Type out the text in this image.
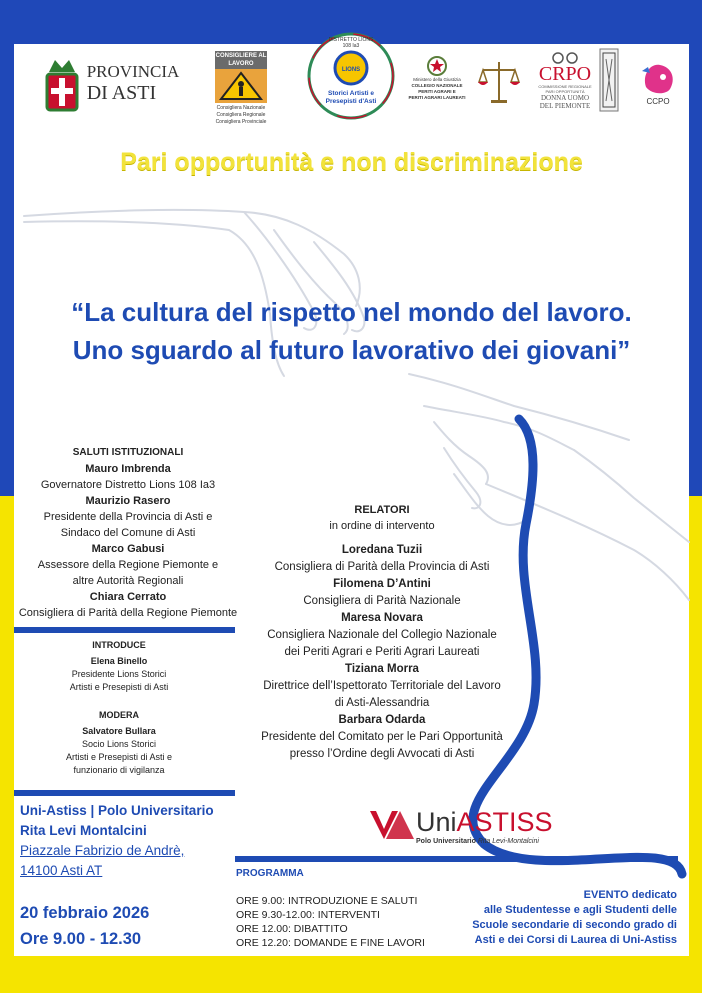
PROVINCIA
DI ASTI
CONSIGLIERE AL LAVORO
Consigliera Nazionale
Consigliera Regionale
Consigliera Provinciale
LIONS
Storici Artisti e
Presepisti d'Asti
DISTRETTO LIONS 108 Ia3
Ministero della Giustizia
COLLEGIO NAZIONALE
PERITI AGRARI E
PERITI AGRARI LAUREATI
CRPO
COMMISSIONE REGIONALE
PARI OPPORTUNITÀ
DONNA UOMO
DEL PIEMONTE
CCPO
Pari opportunità e non discriminazione
“La cultura del rispetto nel mondo del lavoro.
Uno sguardo al futuro lavorativo dei giovani”
SALUTI ISTITUZIONALI
Mauro Imbrenda
Governatore Distretto Lions 108 Ia3
Maurizio Rasero
Presidente della Provincia di Asti e
Sindaco del Comune di Asti
Marco Gabusi
Assessore della Regione Piemonte e
altre Autorità Regionali
Chiara Cerrato
Consigliera di Parità della Regione Piemonte
INTRODUCE
Elena Binello
Presidente Lions Storici
Artisti e Presepisti di Asti
MODERA
Salvatore Bullara
Socio Lions Storici
Artisti e Presepisti di Asti e
funzionario di vigilanza
RELATORI
in ordine di intervento
Loredana Tuzii
Consigliera di Parità della Provincia di Asti
Filomena D’Antini
Consigliera di Parità Nazionale
Maresa Novara
Consigliera Nazionale del Collegio Nazionale
dei Periti Agrari e Periti Agrari Laureati
Tiziana Morra
Direttrice dell’Ispettorato Territoriale del Lavoro
di Asti-Alessandria
Barbara Odarda
Presidente del Comitato per le Pari Opportunità
presso l’Ordine degli Avvocati di Asti
Uni-Astiss | Polo Universitario
Rita Levi Montalcini
Piazzale Fabrizio de Andrè,
14100 Asti AT
20 febbraio 2026
Ore 9.00 - 12.30
UniASTISS
Polo Universitario Rita Levi-Montalcini
PROGRAMMA
ORE 9.00: INTRODUZIONE E SALUTI
ORE 9.30-12.00: INTERVENTI
ORE 12.00: DIBATTITO
ORE 12.20: DOMANDE E FINE LAVORI
EVENTO dedicato
alle Studentesse e agli Studenti delle
Scuole secondarie di secondo grado di
Asti e dei Corsi di Laurea di Uni-Astiss
